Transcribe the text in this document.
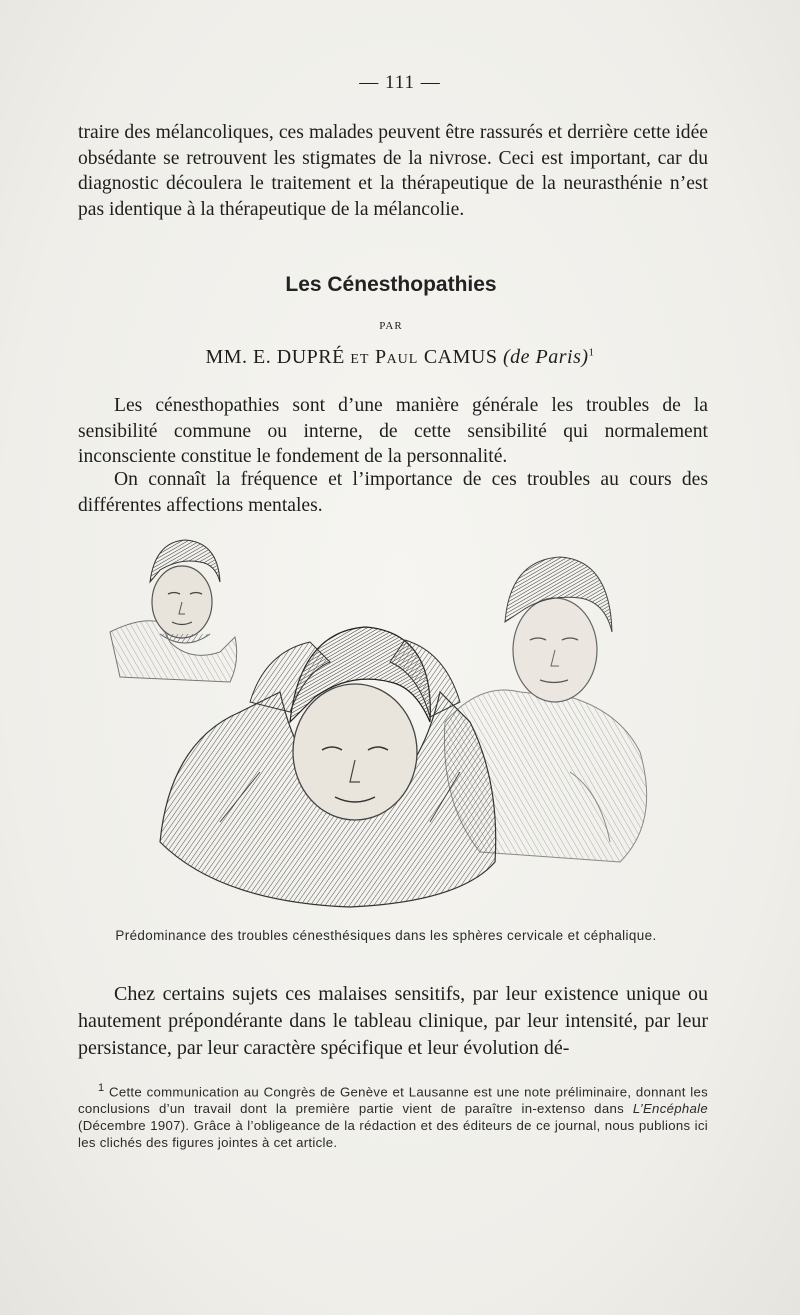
— 111 —

traire des mélancoliques, ces malades peuvent être rassurés et derrière cette idée obsédante se retrouvent les stigmates de la nivrose. Ceci est important, car du diagnostic découlera le traitement et la thérapeutique de la neurasthénie n’est pas identique à la thérapeutique de la mélancolie.

Les Cénesthopathies
PAR
MM. E. DUPRÉ ET PAUL CAMUS (de Paris)$^1$

Les cénesthopathies sont d’une manière générale les troubles de la sensibilité commune ou interne, de cette sensibilité qui normalement inconsciente constitue le fondement de la personnalité.

On connaît la fréquence et l’importance de ces troubles au cours des différentes affections mentales.

Prédominance des troubles cénesthésiques dans les sphères cervicale et céphalique.

Chez certains sujets ces malaises sensitifs, par leur existence unique ou hautement prépondérante dans le tableau clinique, par leur intensité, par leur persistance, par leur caractère spécifique et leur évolution dé-

$^1$ Cette communication au Congrès de Genève et Lausanne est une note préliminaire, donnant les conclusions d’un travail dont la première partie vient de paraître in-extenso dans L’Encéphale (Décembre 1907). Grâce à l’obligeance de la rédaction et des éditeurs de ce journal, nous publions ici les clichés des figures jointes à cet article.
